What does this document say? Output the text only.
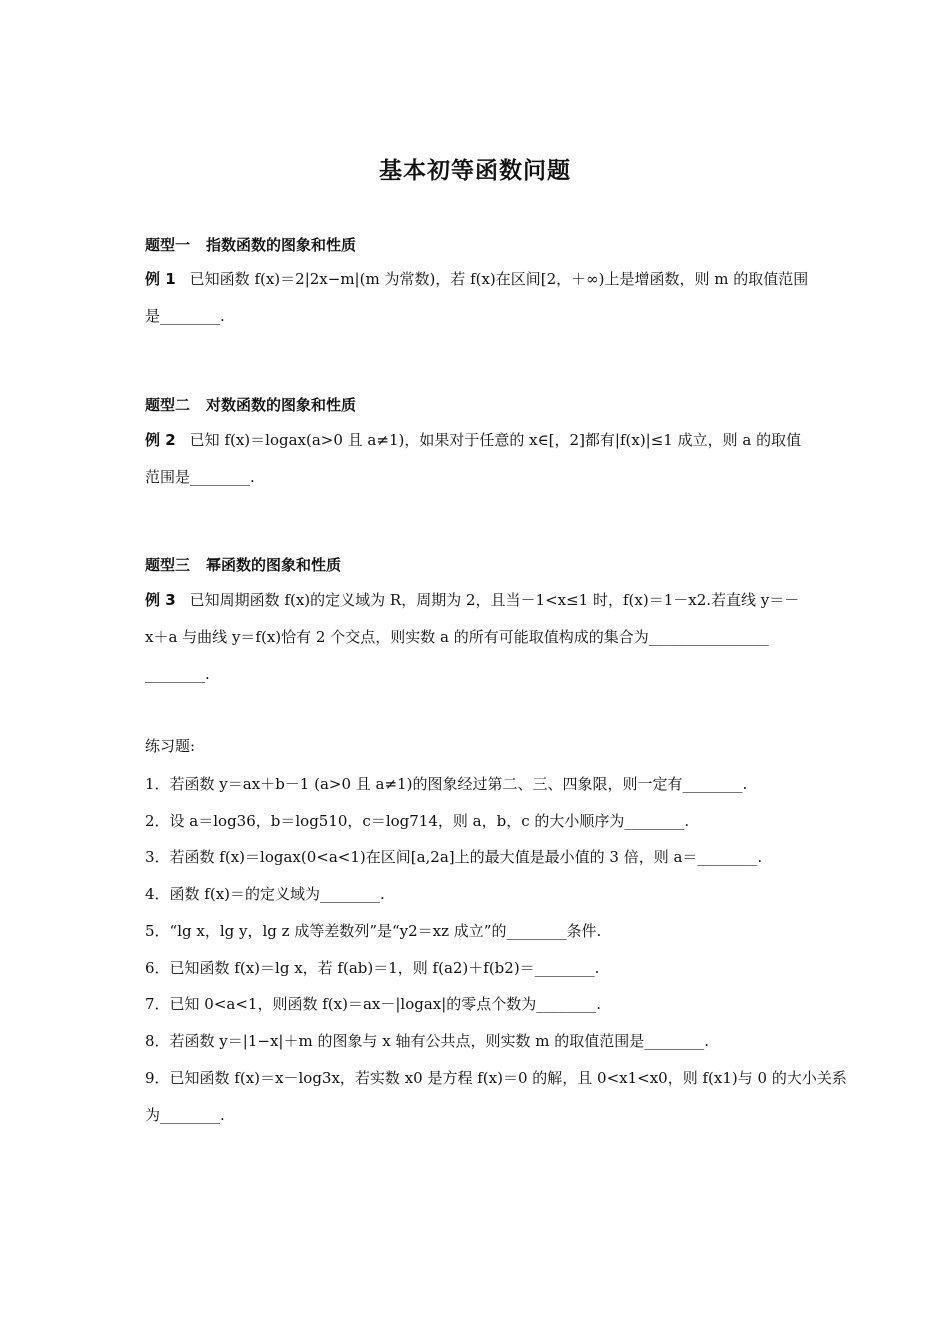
基本初等函数问题
题型一 指数函数的图象和性质
例 1 已知函数 f(x)＝2|2x−m|(m 为常数)，若 f(x)在区间[2，＋∞)上是增函数，则 m 的取值范围
是________.
题型二 对数函数的图象和性质
例 2 已知 f(x)＝logax(a>0 且 a≠1)，如果对于任意的 x∈[，2]都有|f(x)|≤1 成立，则 a 的取值
范围是________.
题型三 幂函数的图象和性质
例 3 已知周期函数 f(x)的定义域为 R，周期为 2，且当－1<x≤1 时，f(x)＝1－x2.若直线 y＝－
x＋a 与曲线 y＝f(x)恰有 2 个交点，则实数 a 的所有可能取值构成的集合为________________
________.
练习题:
1．若函数 y＝ax＋b－1 (a>0 且 a≠1)的图象经过第二、三、四象限，则一定有________.
2．设 a＝log36，b＝log510，c＝log714，则 a，b，c 的大小顺序为________.
3．若函数 f(x)＝logax(0<a<1)在区间[a,2a]上的最大值是最小值的 3 倍，则 a＝________.
4．函数 f(x)＝的定义域为________.
5．“lg x，lg y，lg z 成等差数列”是“y2＝xz 成立”的________条件.
6．已知函数 f(x)＝lg x，若 f(ab)＝1，则 f(a2)＋f(b2)＝________.
7．已知 0<a<1，则函数 f(x)＝ax－|logax|的零点个数为________.
8．若函数 y＝|1−x|＋m 的图象与 x 轴有公共点，则实数 m 的取值范围是________.
9．已知函数 f(x)＝x－log3x，若实数 x0 是方程 f(x)＝0 的解，且 0<x1<x0，则 f(x1)与 0 的大小关系
为________.
